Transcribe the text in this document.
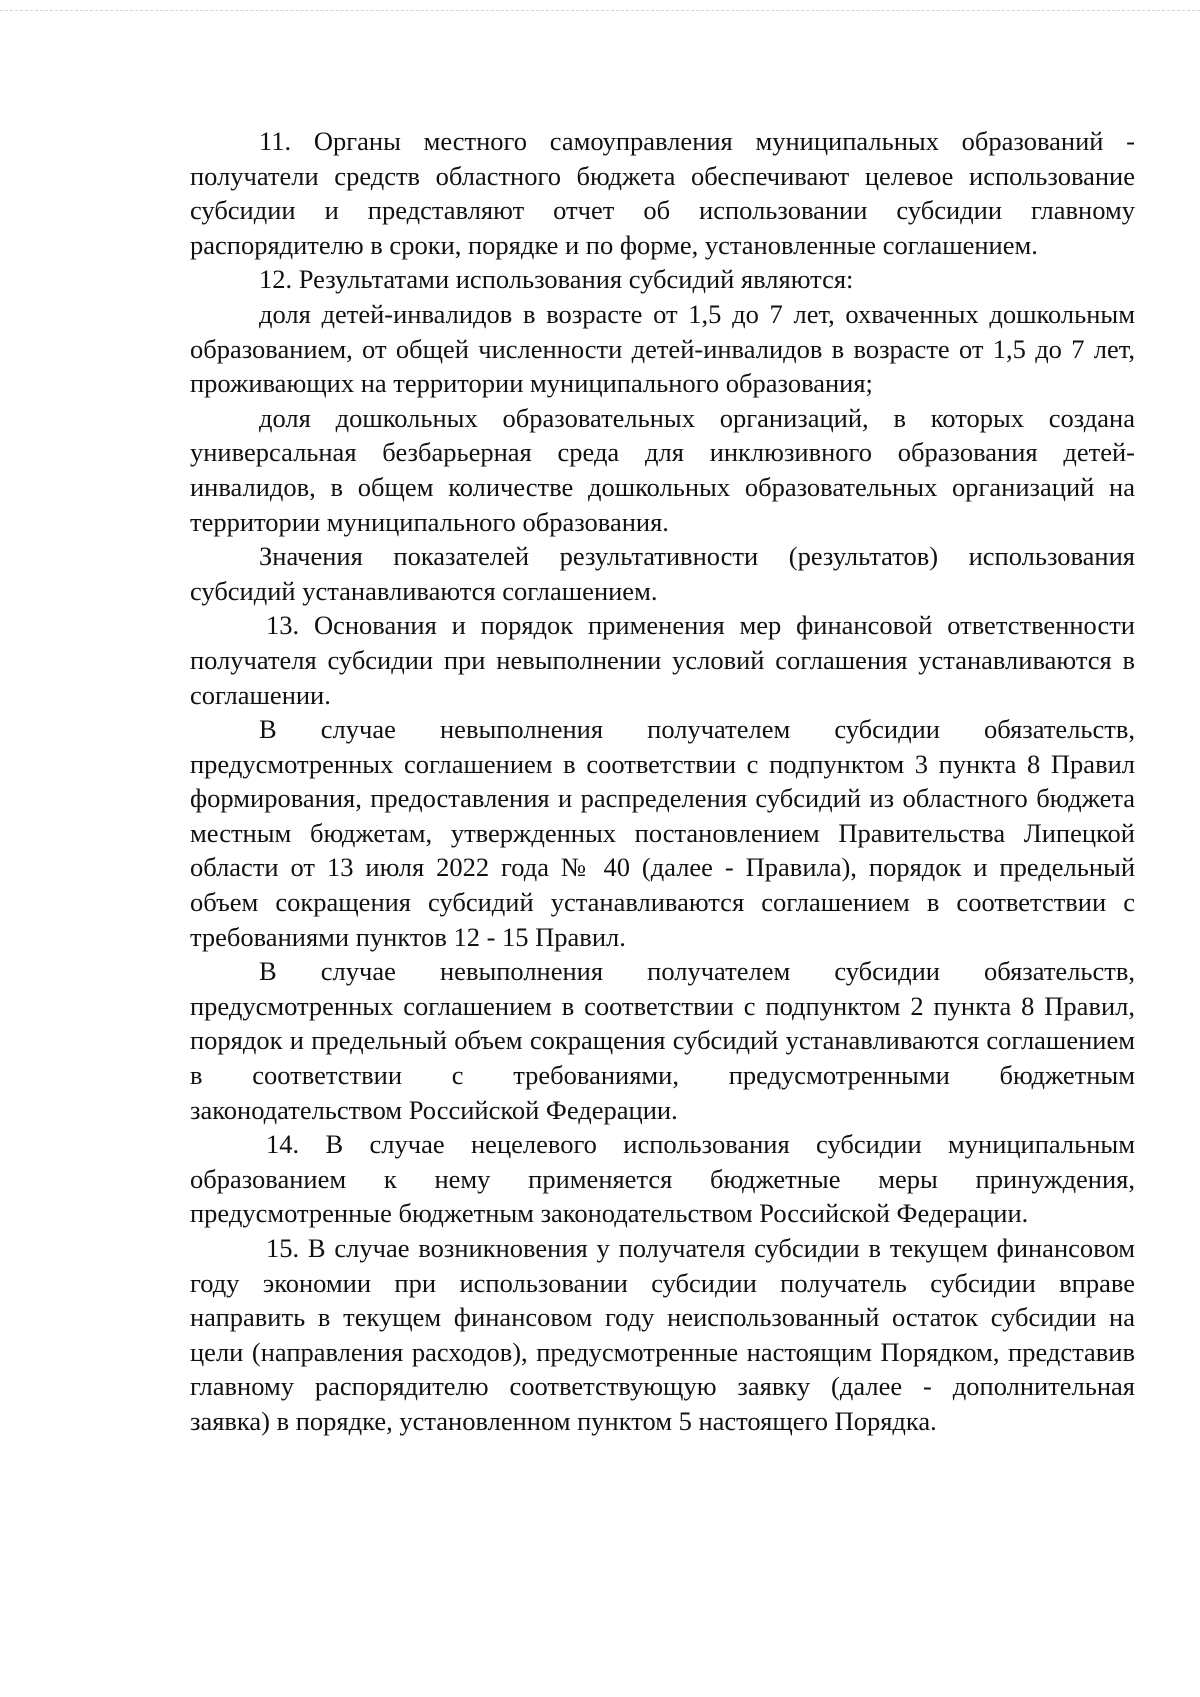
11. Органы местного самоуправления муниципальных образований - получатели средств областного бюджета обеспечивают целевое использование субсидии и представляют отчет об использовании субсидии главному распорядителю в сроки, порядке и по форме, установленные соглашением.

12. Результатами использования субсидий являются:

доля детей-инвалидов в возрасте от 1,5 до 7 лет, охваченных дошкольным образованием, от общей численности детей-инвалидов в возрасте от 1,5 до 7 лет, проживающих на территории муниципального образования;

доля дошкольных образовательных организаций, в которых создана универсальная безбарьерная среда для инклюзивного образования детей-инвалидов, в общем количестве дошкольных образовательных организаций на территории муниципального образования.

Значения показателей результативности (результатов) использования субсидий устанавливаются соглашением.

13. Основания и порядок применения мер финансовой ответственности получателя субсидии при невыполнении условий соглашения устанавливаются в соглашении.

В случае невыполнения получателем субсидии обязательств, предусмотренных соглашением в соответствии с подпунктом 3 пункта 8 Правил формирования, предоставления и распределения субсидий из областного бюджета местным бюджетам, утвержденных постановлением Правительства Липецкой области от 13 июля 2022 года № 40 (далее - Правила), порядок и предельный объем сокращения субсидий устанавливаются соглашением в соответствии с требованиями пунктов 12 - 15 Правил.

В случае невыполнения получателем субсидии обязательств, предусмотренных соглашением в соответствии с подпунктом 2 пункта 8 Правил, порядок и предельный объем сокращения субсидий устанавливаются соглашением в соответствии с требованиями, предусмотренными бюджетным законодательством Российской Федерации.

14. В случае нецелевого использования субсидии муниципальным образованием к нему применяется бюджетные меры принуждения, предусмотренные бюджетным законодательством Российской Федерации.

15. В случае возникновения у получателя субсидии в текущем финансовом году экономии при использовании субсидии получатель субсидии вправе направить в текущем финансовом году неиспользованный остаток субсидии на цели (направления расходов), предусмотренные настоящим Порядком, представив главному распорядителю соответствующую заявку (далее - дополнительная заявка) в порядке, установленном пунктом 5 настоящего Порядка.
